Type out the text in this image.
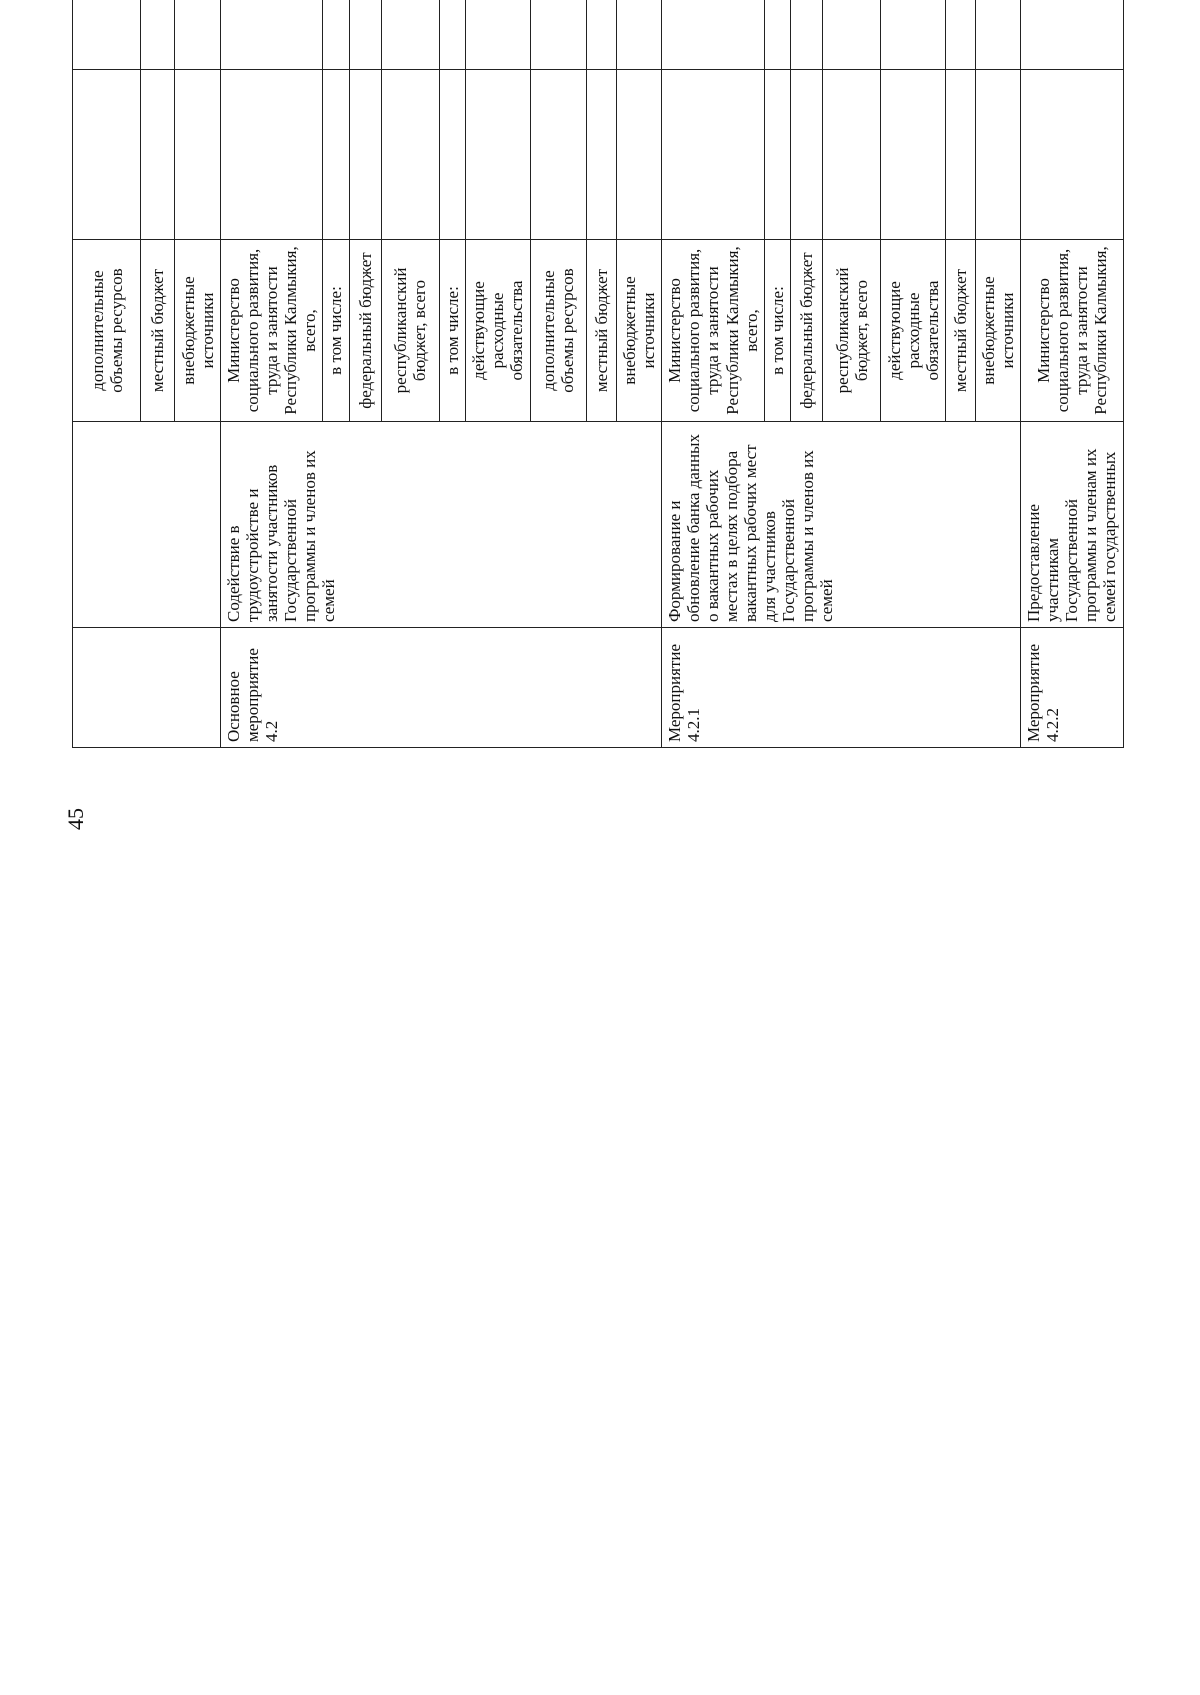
45
		дополнительные объемы ресурсов						
		местный бюджет						
		внебюджетные источники						
Основное мероприятие 4.2	Содействие в трудоустройстве и занятости участников Государственной программы и членов их семей	Министерство социального развития, труда и занятости Республики Калмыкия, всего,						
		в том числе:						
		федеральный бюджет						
		республиканский бюджет, всего						
		в том числе:						
		действующие расходные обязательства						
		дополнительные объемы ресурсов						
		местный бюджет						
		внебюджетные источники						
Мероприятие 4.2.1	Формирование и обновление банка данных о вакантных рабочих местах в целях подбора вакантных рабочих мест для участников Государственной программы и членов их семей	Министерство социального развития, труда и занятости Республики Калмыкия, всего,						
		в том числе:						
		федеральный бюджет						
		республиканский бюджет, всего						
		действующие расходные обязательства						
		местный бюджет						
		внебюджетные источники						
Мероприятие 4.2.2	Предоставление участникам Государственной программы и членам их семей государственных	Министерство социального развития, труда и занятости Республики Калмыкия,						
